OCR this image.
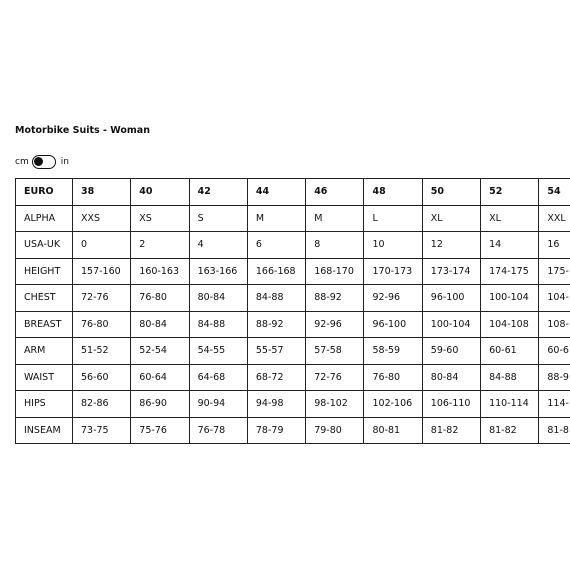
Motorbike Suits - Woman
cm	in
EURO	38	40	42	44	46	48	50	52	54
ALPHA	XXS	XS	S	M	M	L	XL	XL	XXL
USA-UK	0	2	4	6	8	10	12	14	16
HEIGHT	157-160	160-163	163-166	166-168	168-170	170-173	173-174	174-175	175-
CHEST	72-76	76-80	80-84	84-88	88-92	92-96	96-100	100-104	104-
BREAST	76-80	80-84	84-88	88-92	92-96	96-100	100-104	104-108	108-
ARM	51-52	52-54	54-55	55-57	57-58	58-59	59-60	60-61	60-6
WAIST	56-60	60-64	64-68	68-72	72-76	76-80	80-84	84-88	88-9
HIPS	82-86	86-90	90-94	94-98	98-102	102-106	106-110	110-114	114-
INSEAM	73-75	75-76	76-78	78-79	79-80	80-81	81-82	81-82	81-8
